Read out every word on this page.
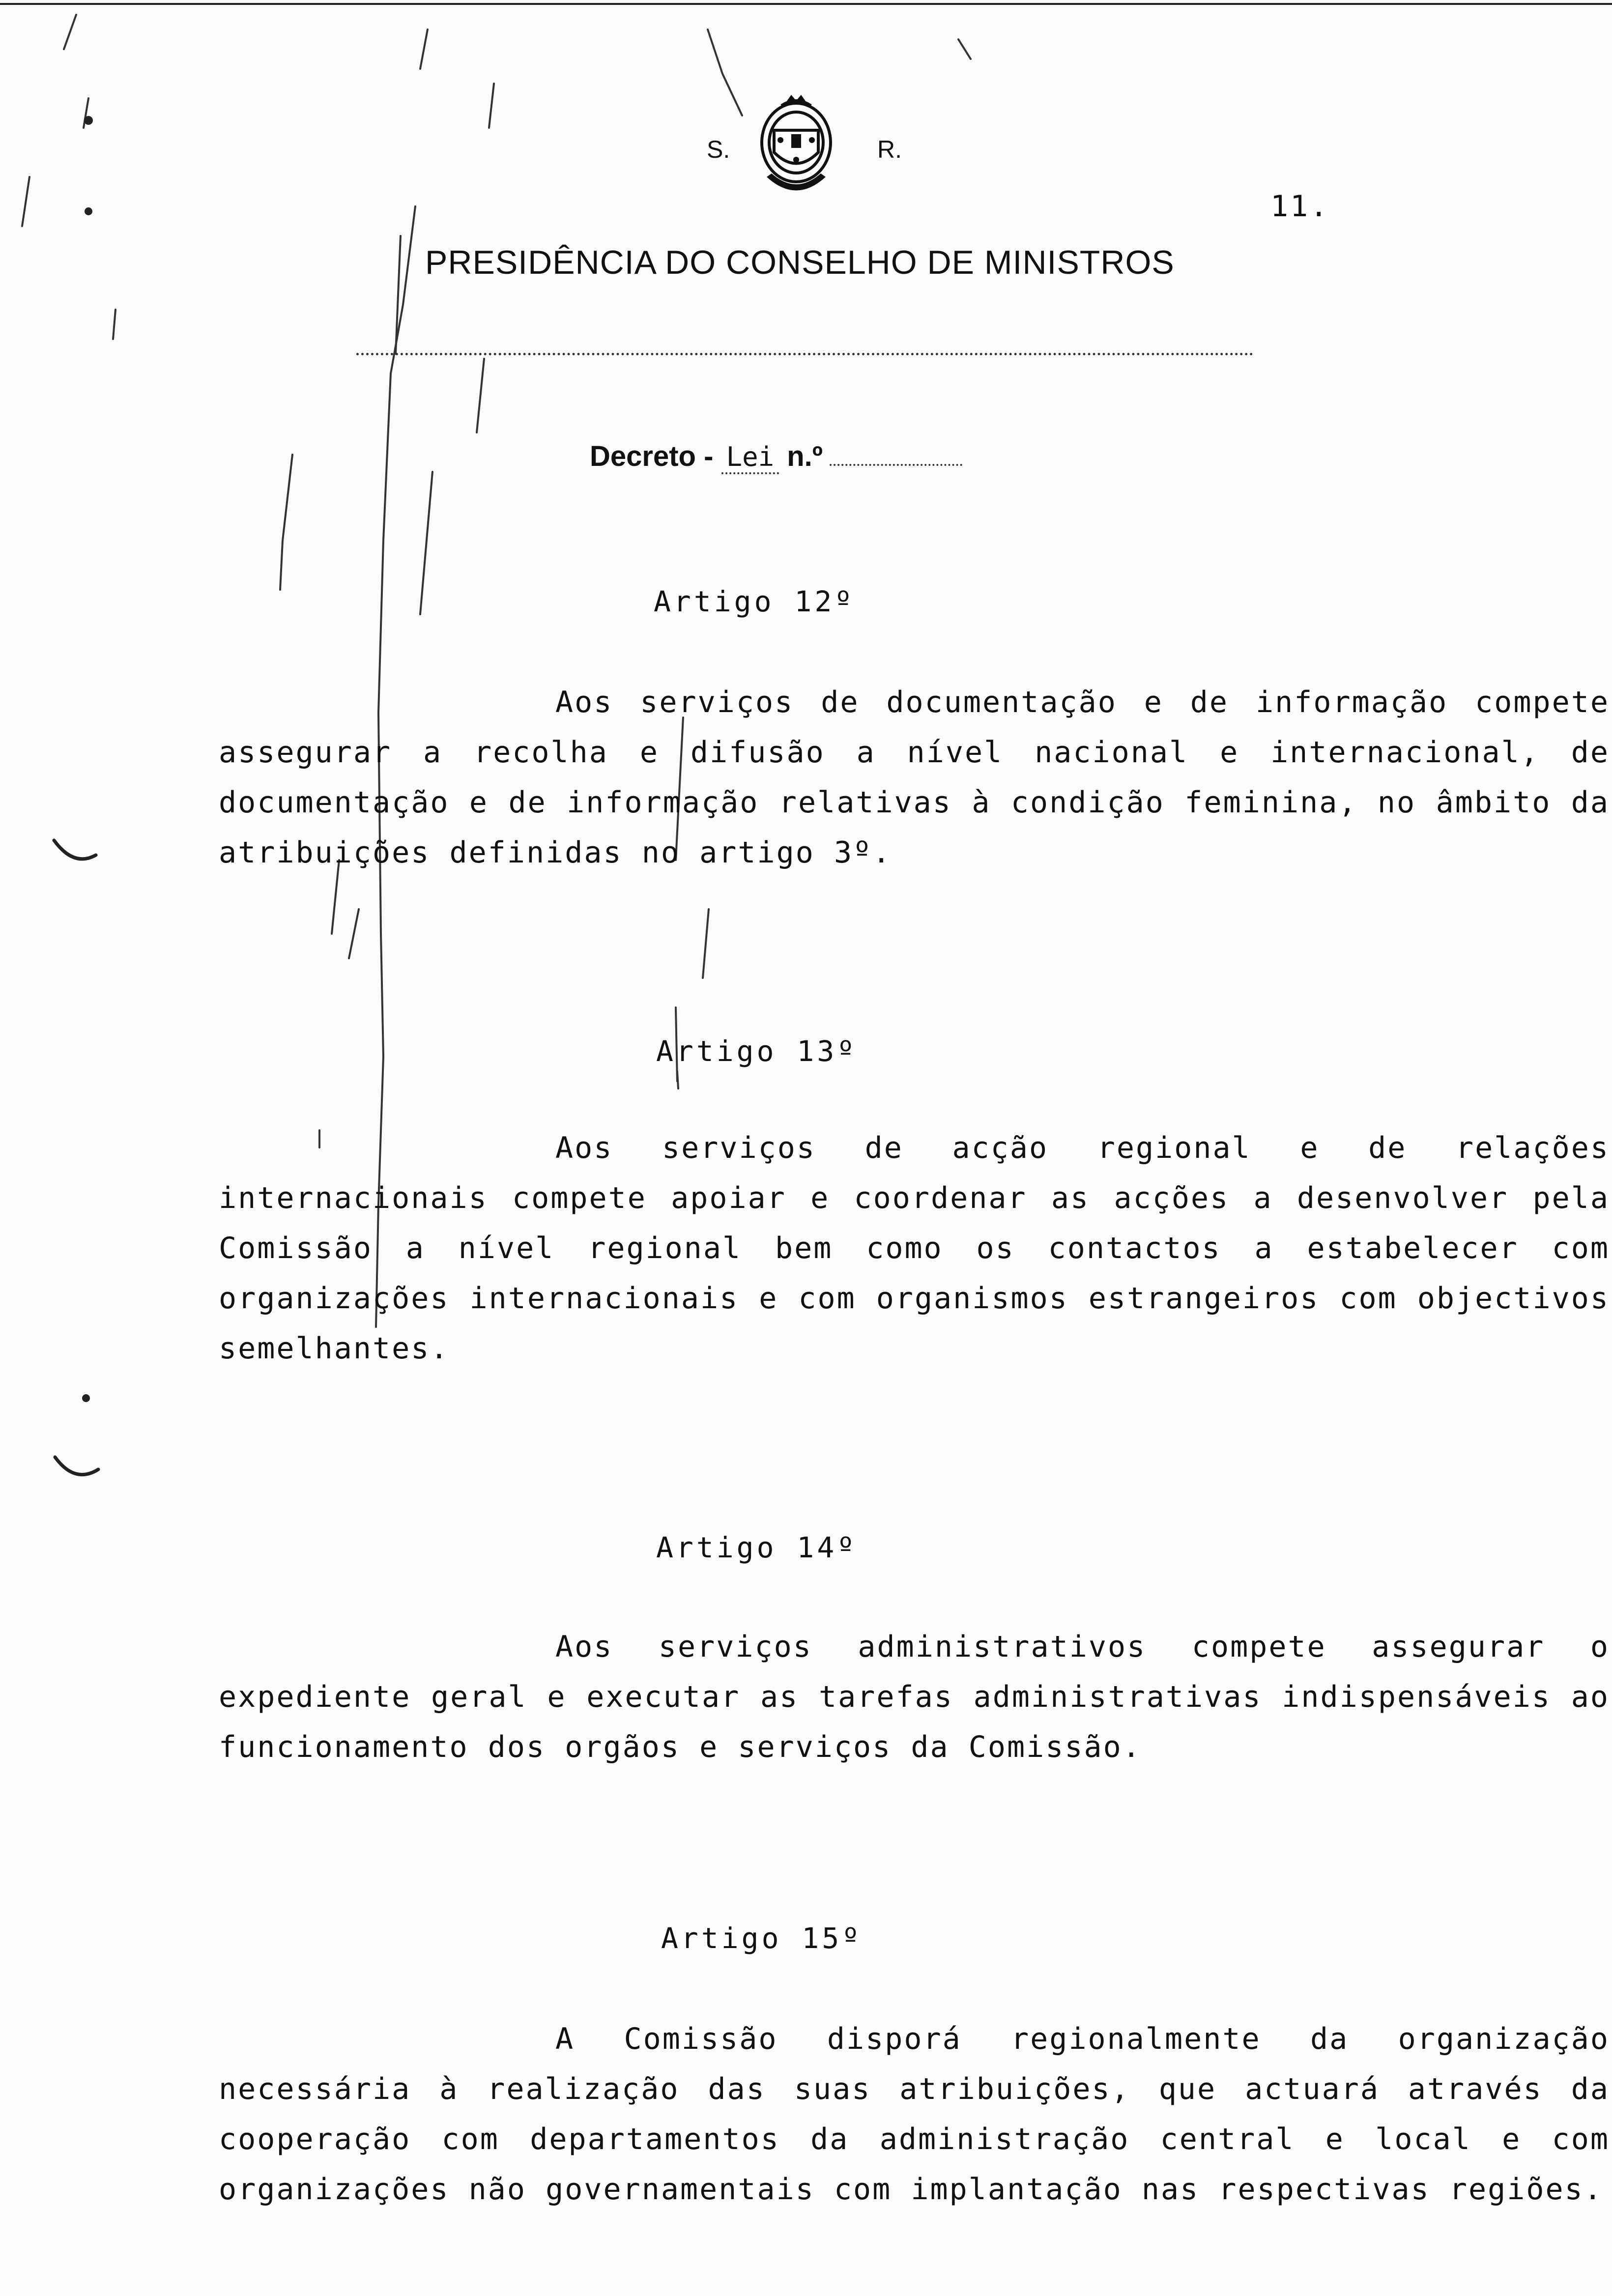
S.	R.
11.
PRESIDÊNCIA DO CONSELHO DE MINISTROS
Decreto - Lei n.º
Artigo 12º
Aos serviços de documentação e de informação compete assegurar a recolha e difusão a nível nacional e internacional, de documentação e de informação relativas à condição feminina, no âmbito da atribuições definidas no artigo 3º.
Artigo 13º
Aos serviços de acção regional e de relações internacionais compete apoiar e coordenar as acções a desenvolver pela Comissão a nível regional bem como os contactos a estabelecer com organizações internacionais e com organismos estrangeiros com objectivos semelhantes.
Artigo 14º
Aos serviços administrativos compete assegurar o expediente geral e executar as tarefas administrativas indispensáveis ao funcionamento dos orgãos e serviços da Comissão.
Artigo 15º
A Comissão disporá regionalmente da organização necessária à realização das suas atribuições, que actuará através da cooperação com departamentos da administração central e local e com organizações não governamentais com implantação nas respectivas regiões.
